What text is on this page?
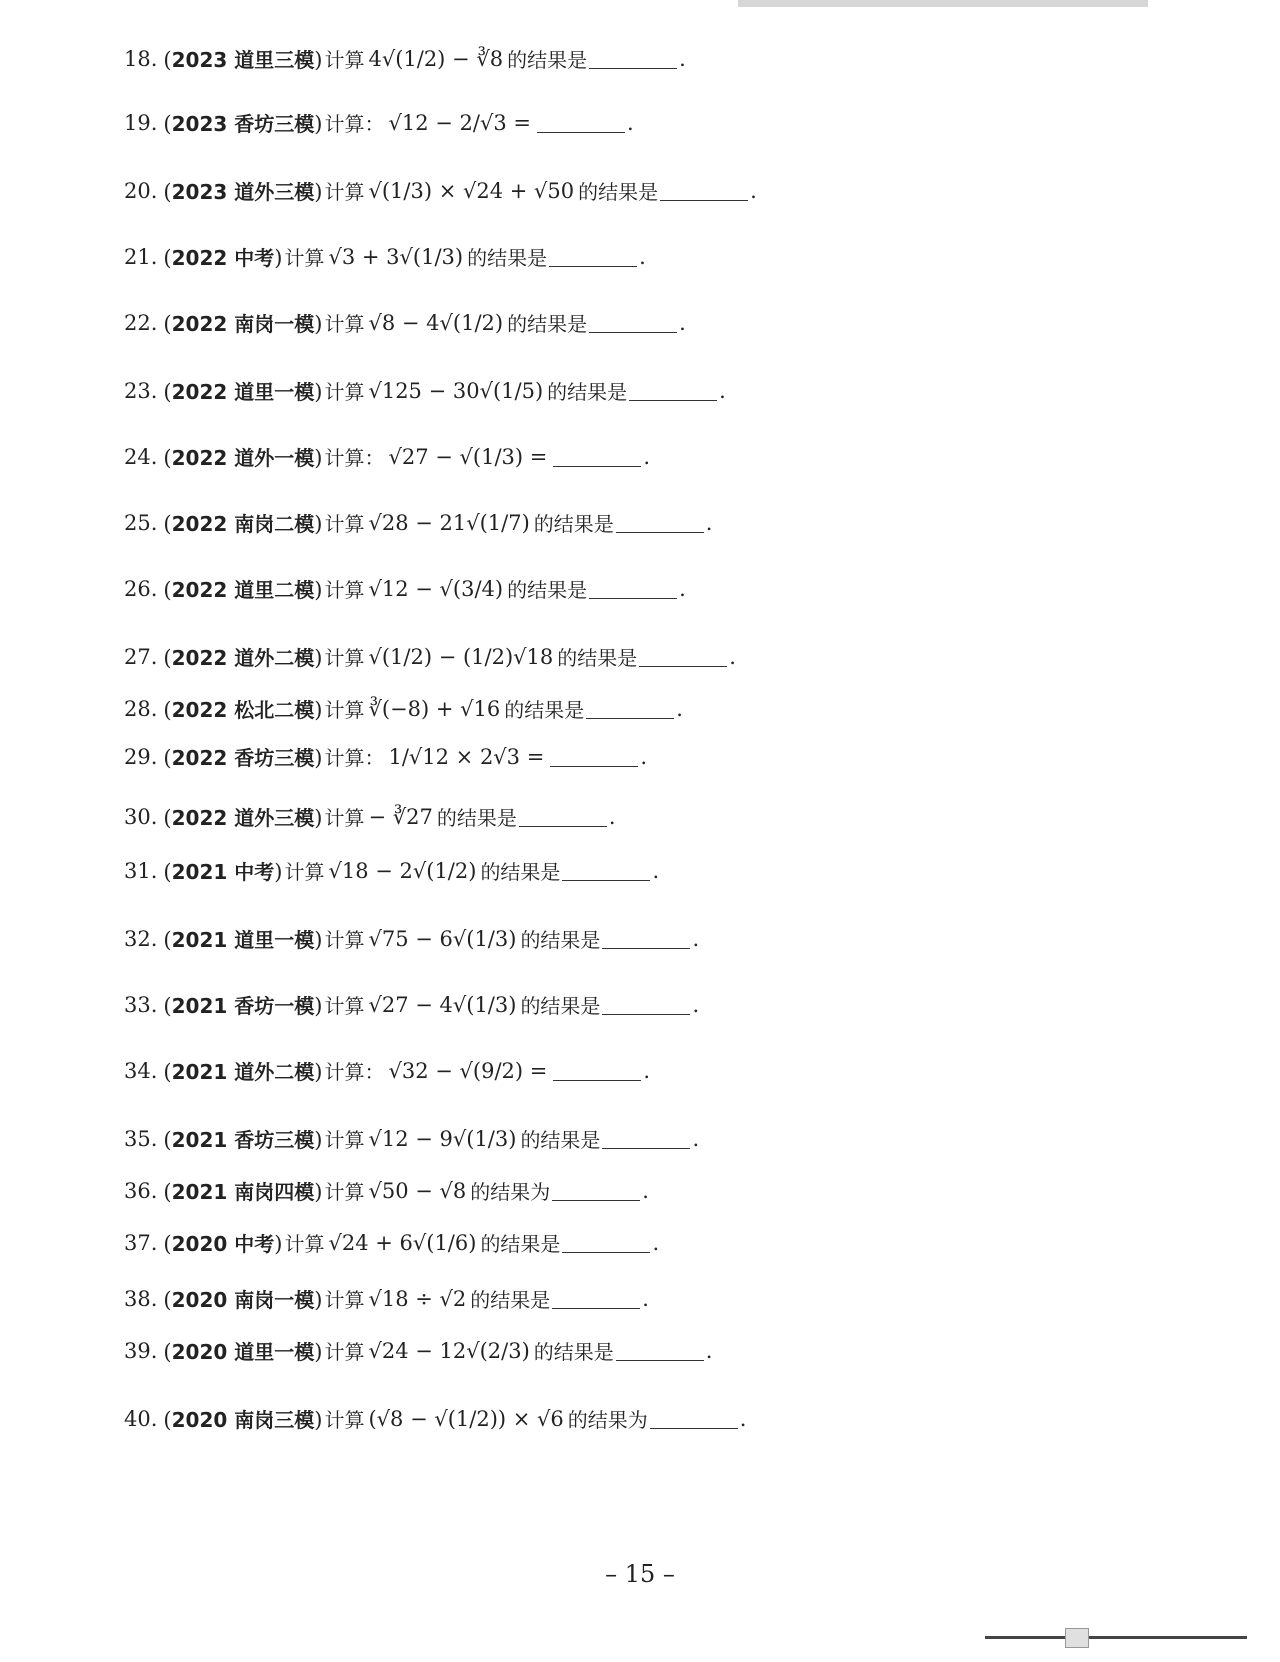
18. (2023 道里三模) 计算 4√(1/2) − ∛8 的结果是	.
19. (2023 香坊三模) 计算： √12 − 2/√3 =	.
20. (2023 道外三模) 计算 √(1/3) × √24 + √50 的结果是	.
21. (2022 中考) 计算 √3 + 3√(1/3) 的结果是	.
22. (2022 南岗一模) 计算 √8 − 4√(1/2) 的结果是	.
23. (2022 道里一模) 计算 √125 − 30√(1/5) 的结果是	.
24. (2022 道外一模) 计算： √27 − √(1/3) =	.
25. (2022 南岗二模) 计算 √28 − 21√(1/7) 的结果是	.
26. (2022 道里二模) 计算 √12 − √(3/4) 的结果是	.
27. (2022 道外二模) 计算 √(1/2) − (1/2)√18 的结果是	.
28. (2022 松北二模) 计算 ∛(−8) + √16 的结果是	.
29. (2022 香坊三模) 计算： 1/√12 × 2√3 =	.
30. (2022 道外三模) 计算 − ∛27 的结果是	.
31. (2021 中考) 计算 √18 − 2√(1/2) 的结果是	.
32. (2021 道里一模) 计算 √75 − 6√(1/3) 的结果是	.
33. (2021 香坊一模) 计算 √27 − 4√(1/3) 的结果是	.
34. (2021 道外二模) 计算： √32 − √(9/2) =	.
35. (2021 香坊三模) 计算 √12 − 9√(1/3) 的结果是	.
36. (2021 南岗四模) 计算 √50 − √8 的结果为	.
37. (2020 中考) 计算 √24 + 6√(1/6) 的结果是	.
38. (2020 南岗一模) 计算 √18 ÷ √2 的结果是	.
39. (2020 道里一模) 计算 √24 − 12√(2/3) 的结果是	.
40. (2020 南岗三模) 计算 (√8 − √(1/2)) × √6 的结果为	.
– 15 –
